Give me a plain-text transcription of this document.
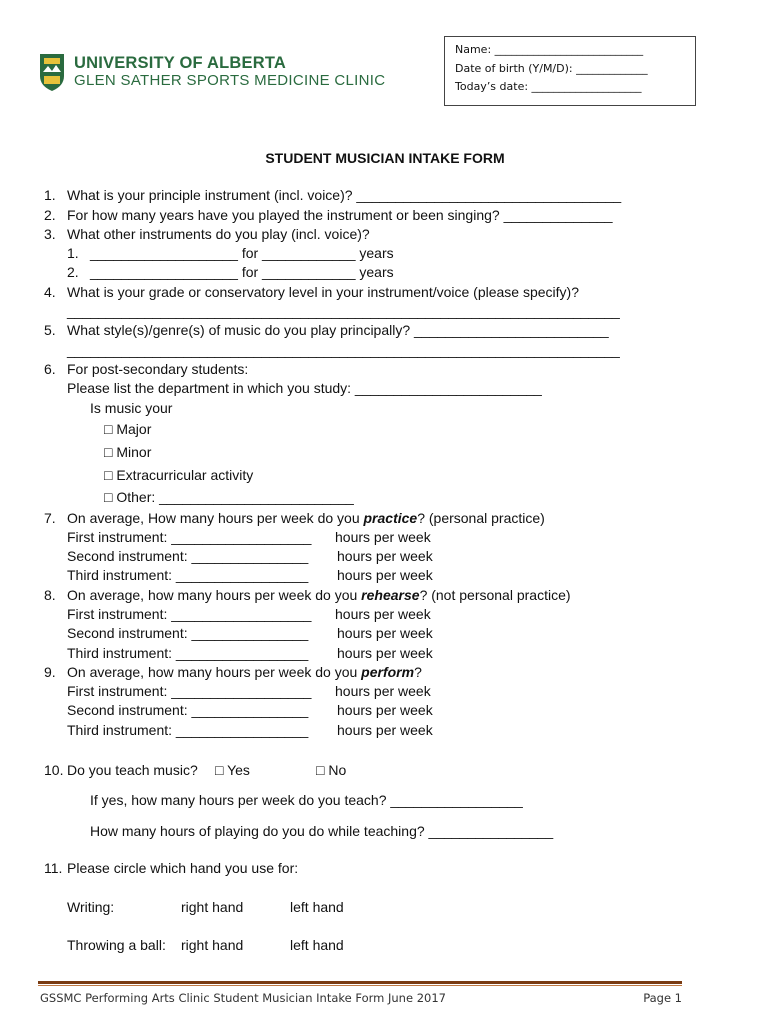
UNIVERSITY OF ALBERTA
GLEN SATHER SPORTS MEDICINE CLINIC
Name: ___________________________
Date of birth (Y/M/D): _____________
Today’s date: ____________________
STUDENT MUSICIAN INTAKE FORM
1. What is your principle instrument (incl. voice)? __________________________________
2. For how many years have you played the instrument or been singing? ______________
3. What other instruments do you play (incl. voice)?
1. ___________________ for ____________ years
2. ___________________ for ____________ years
4. What is your grade or conservatory level in your instrument/voice (please specify)?
_______________________________________________________________________
5. What style(s)/genre(s) of music do you play principally? _________________________
_______________________________________________________________________
6. For post-secondary students:
Please list the department in which you study: ________________________
Is music your
□ Major
□ Minor
□ Extracurricular activity
□ Other: _________________________
7. On average, How many hours per week do you practice? (personal practice)
First instrument: __________________ hours per week
Second instrument: _______________ hours per week
Third instrument: _________________ hours per week
8. On average, how many hours per week do you rehearse? (not personal practice)
First instrument: __________________ hours per week
Second instrument: _______________ hours per week
Third instrument: _________________ hours per week
9. On average, how many hours per week do you perform?
First instrument: __________________ hours per week
Second instrument: _______________ hours per week
Third instrument: _________________ hours per week
10. Do you teach music? □ Yes	□ No
If yes, how many hours per week do you teach? _________________
How many hours of playing do you do while teaching? ________________
11. Please circle which hand you use for:
Writing:	right hand	left hand
Throwing a ball: right hand	left hand
GSSMC Performing Arts Clinic Student Musician Intake Form June 2017	Page 1
